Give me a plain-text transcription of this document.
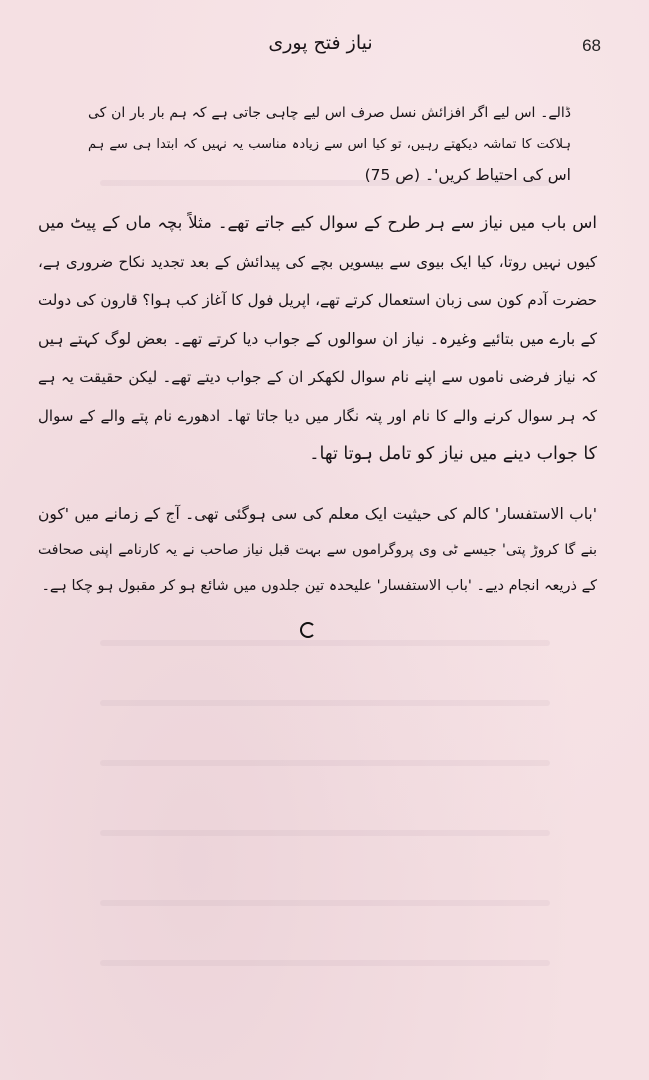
نیاز فتح پوری	68
ڈالے۔ اس لیے اگر افزائش نسل صرف اس لیے چاہی جاتی ہے کہ ہم بار بار ان کی
ہلاکت کا تماشہ دیکھتے رہیں، تو کیا اس سے زیادہ مناسب یہ نہیں کہ ابتدا ہی سے ہم
اس کی احتیاط کریں'۔ (ص 75)
اس باب میں نیاز سے ہر طرح کے سوال کیے جاتے تھے۔ مثلاً بچہ ماں کے پیٹ میں
کیوں نہیں روتا، کیا ایک بیوی سے بیسویں بچے کی پیدائش کے بعد تجدید نکاح ضروری ہے،
حضرت آدم کون سی زبان استعمال کرتے تھے، اپریل فول کا آغاز کب ہوا؟ قارون کی دولت
کے بارے میں بتائیے وغیرہ۔ نیاز ان سوالوں کے جواب دیا کرتے تھے۔ بعض لوگ کہتے ہیں
کہ نیاز فرضی ناموں سے اپنے نام سوال لکھکر ان کے جواب دیتے تھے۔ لیکن حقیقت یہ ہے
کہ ہر سوال کرنے والے کا نام اور پتہ نگار میں دیا جاتا تھا۔ ادھورے نام پتے والے کے سوال
کا جواب دینے میں نیاز کو تامل ہوتا تھا۔
'باب الاستفسار' کالم کی حیثیت ایک معلم کی سی ہوگئی تھی۔ آج کے زمانے میں 'کون
بنے گا کروڑ پتی' جیسے ٹی وی پروگراموں سے بہت قبل نیاز صاحب نے یہ کارنامے اپنی صحافت
کے ذریعہ انجام دیے۔ 'باب الاستفسار' علیحدہ تین جلدوں میں شائع ہو کر مقبول ہو چکا ہے۔
